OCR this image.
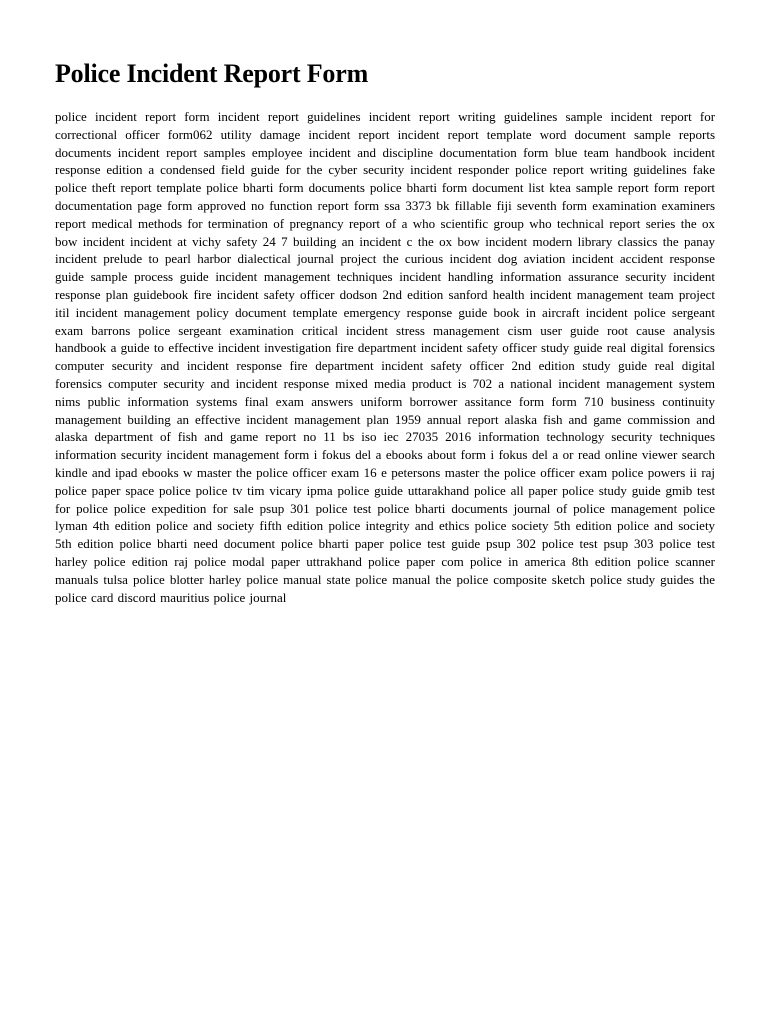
Police Incident Report Form

police incident report form incident report guidelines incident report writing guidelines sample incident report for correctional officer form062 utility damage incident report incident report template word document sample reports documents incident report samples employee incident and discipline documentation form blue team handbook incident response edition a condensed field guide for the cyber security incident responder police report writing guidelines fake police theft report template police bharti form documents police bharti form document list ktea sample report form report documentation page form approved no function report form ssa 3373 bk fillable fiji seventh form examination examiners report medical methods for termination of pregnancy report of a who scientific group who technical report series the ox bow incident incident at vichy safety 24 7 building an incident c the ox bow incident modern library classics the panay incident prelude to pearl harbor dialectical journal project the curious incident dog aviation incident accident response guide sample process guide incident management techniques incident handling information assurance security incident response plan guidebook fire incident safety officer dodson 2nd edition sanford health incident management team project itil incident management policy document template emergency response guide book in aircraft incident police sergeant exam barrons police sergeant examination critical incident stress management cism user guide root cause analysis handbook a guide to effective incident investigation fire department incident safety officer study guide real digital forensics computer security and incident response fire department incident safety officer 2nd edition study guide real digital forensics computer security and incident response mixed media product is 702 a national incident management system nims public information systems final exam answers uniform borrower assitance form form 710 business continuity management building an effective incident management plan 1959 annual report alaska fish and game commission and alaska department of fish and game report no 11 bs iso iec 27035 2016 information technology security techniques information security incident management form i fokus del a ebooks about form i fokus del a or read online viewer search kindle and ipad ebooks w master the police officer exam 16 e petersons master the police officer exam police powers ii raj police paper space police police tv tim vicary ipma police guide uttarakhand police all paper police study guide gmib test for police police expedition for sale psup 301 police test police bharti documents journal of police management police lyman 4th edition police and society fifth edition police integrity and ethics police society 5th edition police and society 5th edition police bharti need document police bharti paper police test guide psup 302 police test psup 303 police test harley police edition raj police modal paper uttrakhand police paper com police in america 8th edition police scanner manuals tulsa police blotter harley police manual state police manual the police composite sketch police study guides the police card discord mauritius police journal
